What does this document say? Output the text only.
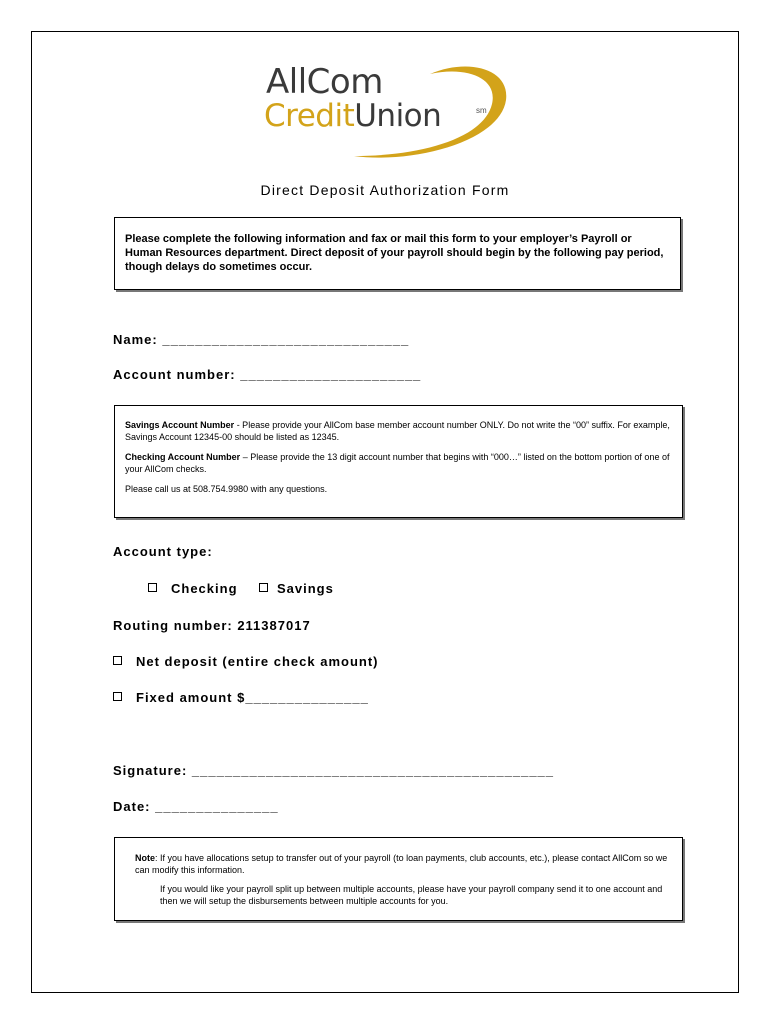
AllCom
CreditUnion	sm
Direct Deposit Authorization Form
Please complete the following information and fax or mail this form to your employer’s Payroll or Human Resources department. Direct deposit of your payroll should begin by the following pay period, though delays do sometimes occur.
Name: ______________________________
Account number: ______________________

Savings Account Number - Please provide your AllCom base member account number ONLY. Do not write the “00” suffix. For example, Savings Account 12345-00 should be listed as 12345.

Checking Account Number – Please provide the 13 digit account number that begins with “000…” listed on the bottom portion of one of your AllCom checks.

Please call us at 508.754.9980 with any questions.

Account type:
Checking	Savings
Routing number: 211387017
Net deposit (entire check amount)
Fixed amount $_______________
Signature: ____________________________________________
Date: _______________

Note: If you have allocations setup to transfer out of your payroll (to loan payments, club accounts, etc.), please contact AllCom so we can modify this information.

If you would like your payroll split up between multiple accounts, please have your payroll company send it to one account and then we will setup the disbursements between multiple accounts for you.
